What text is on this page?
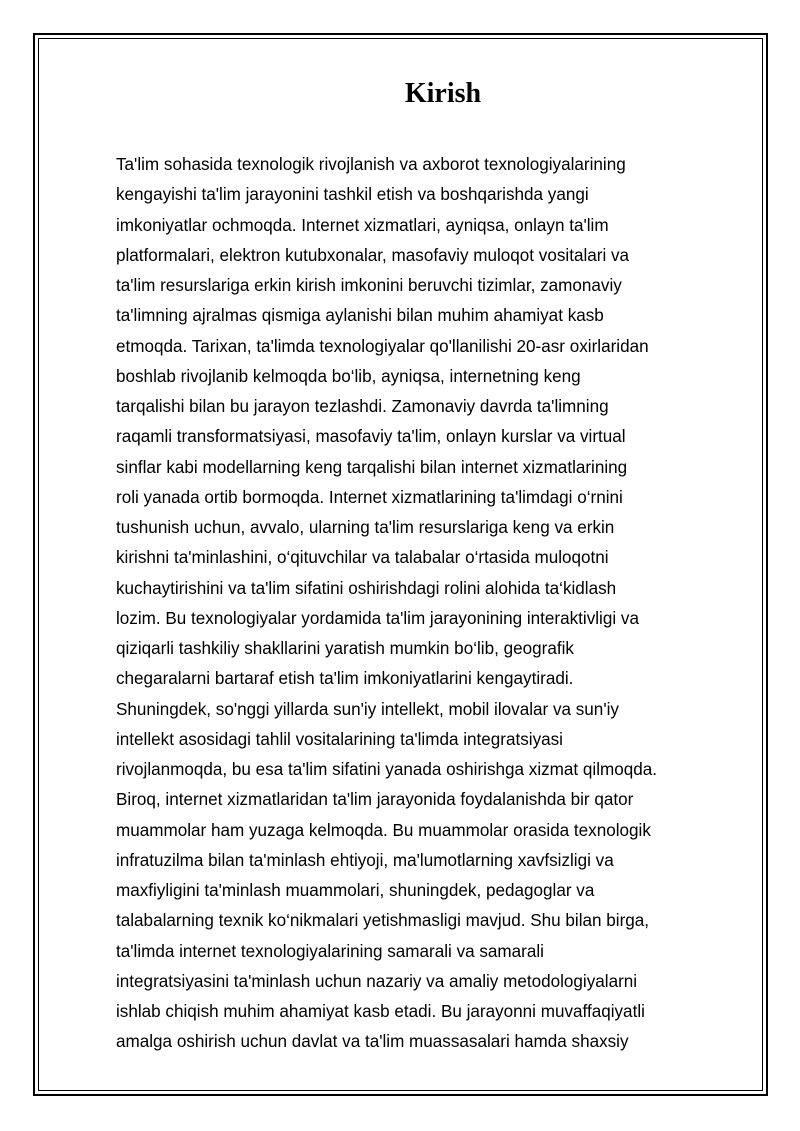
Kirish
Ta'lim sohasida texnologik rivojlanish va axborot texnologiyalarining
kengayishi ta'lim jarayonini tashkil etish va boshqarishda yangi
imkoniyatlar ochmoqda. Internet xizmatlari, ayniqsa, onlayn ta'lim
platformalari, elektron kutubxonalar, masofaviy muloqot vositalari va
ta'lim resurslariga erkin kirish imkonini beruvchi tizimlar, zamonaviy
ta'limning ajralmas qismiga aylanishi bilan muhim ahamiyat kasb
etmoqda. Tarixan, ta'limda texnologiyalar qo'llanilishi 20-asr oxirlaridan
boshlab rivojlanib kelmoqda bo‘lib, ayniqsa, internetning keng
tarqalishi bilan bu jarayon tezlashdi. Zamonaviy davrda ta'limning
raqamli transformatsiyasi, masofaviy ta'lim, onlayn kurslar va virtual
sinflar kabi modellarning keng tarqalishi bilan internet xizmatlarining
roli yanada ortib bormoqda. Internet xizmatlarining ta'limdagi o‘rnini
tushunish uchun, avvalo, ularning ta'lim resurslariga keng va erkin
kirishni ta'minlashini, o‘qituvchilar va talabalar o‘rtasida muloqotni
kuchaytirishini va ta'lim sifatini oshirishdagi rolini alohida ta‘kidlash
lozim. Bu texnologiyalar yordamida ta'lim jarayonining interaktivligi va
qiziqarli tashkiliy shakllarini yaratish mumkin bo‘lib, geografik
chegaralarni bartaraf etish ta'lim imkoniyatlarini kengaytiradi.
Shuningdek, so'nggi yillarda sun'iy intellekt, mobil ilovalar va sun'iy
intellekt asosidagi tahlil vositalarining ta'limda integratsiyasi
rivojlanmoqda, bu esa ta'lim sifatini yanada oshirishga xizmat qilmoqda.
Biroq, internet xizmatlaridan ta'lim jarayonida foydalanishda bir qator
muammolar ham yuzaga kelmoqda. Bu muammolar orasida texnologik
infratuzilma bilan ta'minlash ehtiyoji, ma'lumotlarning xavfsizligi va
maxfiyligini ta'minlash muammolari, shuningdek, pedagoglar va
talabalarning texnik ko‘nikmalari yetishmasligi mavjud. Shu bilan birga,
ta'limda internet texnologiyalarining samarali va samarali
integratsiyasini ta'minlash uchun nazariy va amaliy metodologiyalarni
ishlab chiqish muhim ahamiyat kasb etadi. Bu jarayonni muvaffaqiyatli
amalga oshirish uchun davlat va ta'lim muassasalari hamda shaxsiy
